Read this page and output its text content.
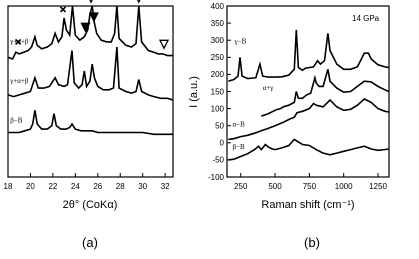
18 20 22 24 26 28 30 32
γ+α+β
γ+α+β
β−B
2θ° (CoKα)
(a)
250	500	750 1000 1250
-100
-50
0
50
100
150
200
250
300
350
400
γ−B
α+γ
α−B
β−B
14 GPa
I (a.u.)
Raman shift (cm⁻¹)
(b)
